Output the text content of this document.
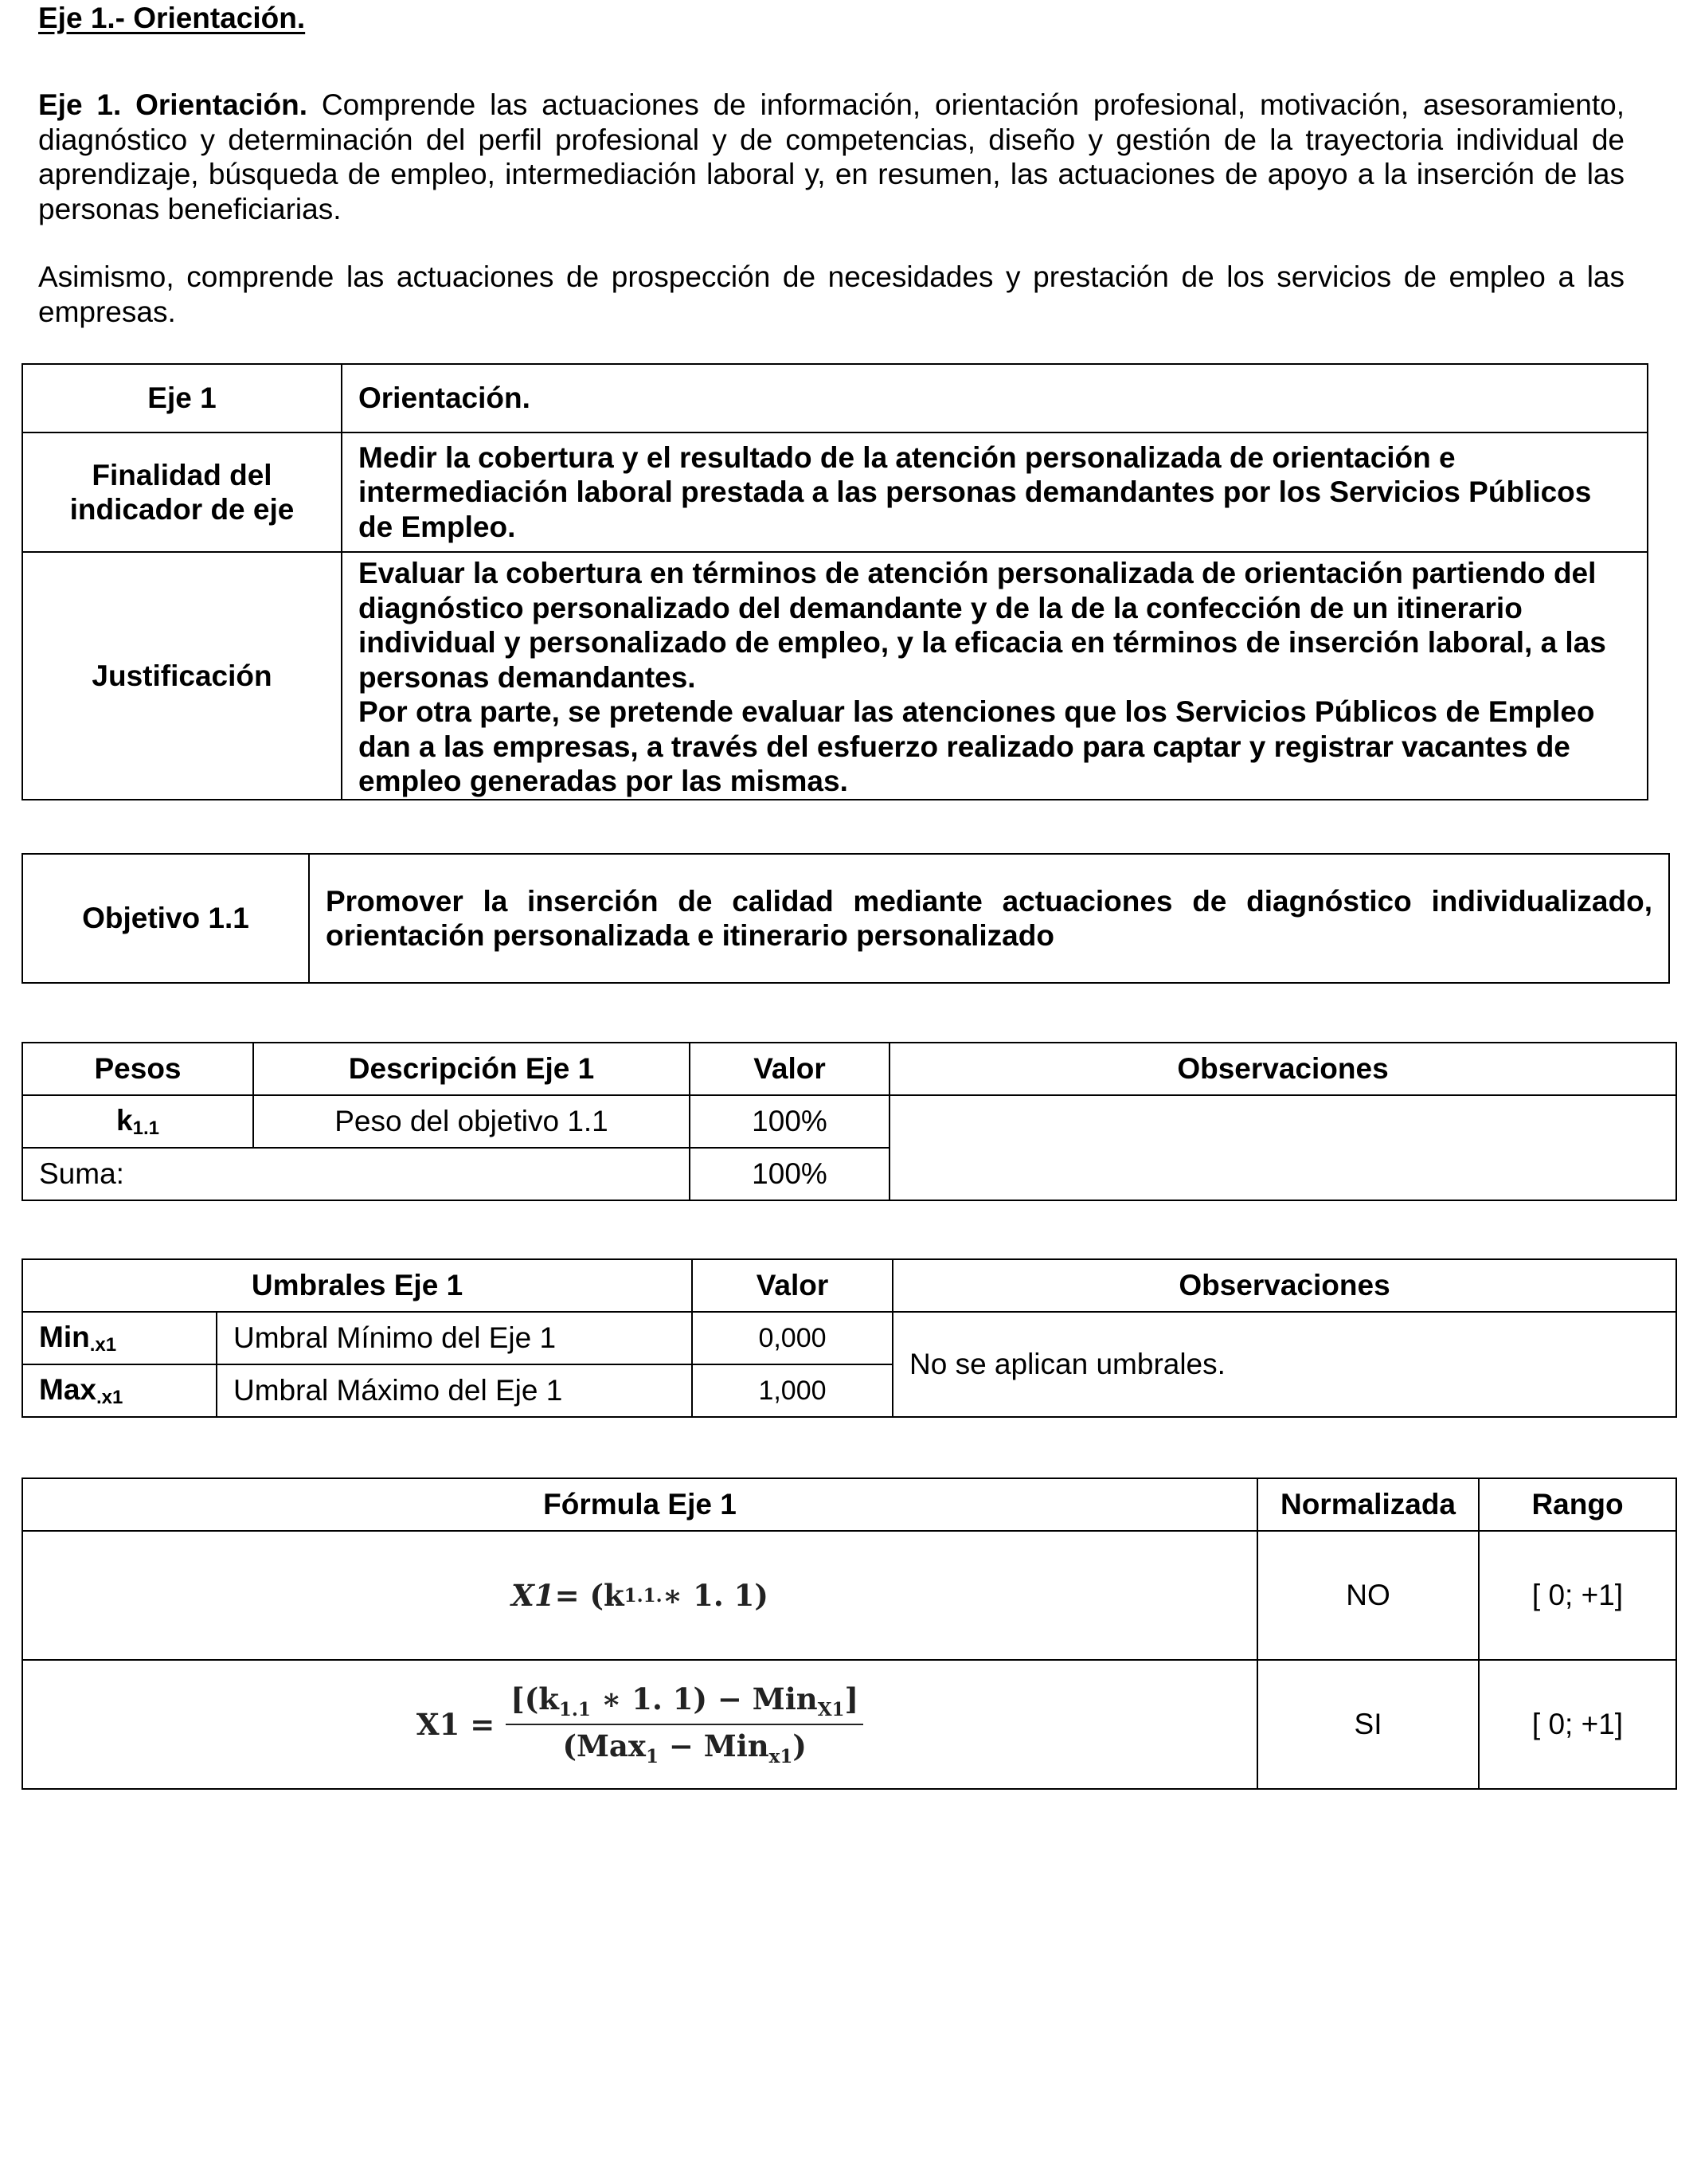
Eje 1.- Orientación.
Eje 1. Orientación. Comprende las actuaciones de información, orientación profesional, motivación, asesoramiento, diagnóstico y determinación del perfil profesional y de competencias, diseño y gestión de la trayectoria individual de aprendizaje, búsqueda de empleo, intermediación laboral y, en resumen, las actuaciones de apoyo a la inserción de las personas beneficiarias.
Asimismo, comprende las actuaciones de prospección de necesidades y prestación de los servicios de empleo a las empresas.
Eje 1	Orientación.
Finalidad del indicador de eje	Medir la cobertura y el resultado de la atención personalizada de orientación e intermediación laboral prestada a las personas demandantes por los Servicios Públicos de Empleo.
Justificación	Evaluar la cobertura en términos de atención personalizada de orientación partiendo del diagnóstico personalizado del demandante y de la de la confección de un itinerario individual y personalizado de empleo, y la eficacia en términos de inserción laboral, a las personas demandantes.
Por otra parte, se pretende evaluar las atenciones que los Servicios Públicos de Empleo dan a las empresas, a través del esfuerzo realizado para captar y registrar vacantes de empleo generadas por las mismas.
Objetivo 1.1	Promover la inserción de calidad mediante actuaciones de diagnóstico individualizado, orientación personalizada e itinerario personalizado
Pesos	Descripción Eje 1	Valor	Observaciones
$k_{1.1}$	Peso del objetivo 1.1	100%	
Suma:		100%	
Umbrales Eje 1		Valor	Observaciones
Min$_{.x1}$	Umbral Mínimo del Eje 1	0,000	No se aplican umbrales.
Max$_{.x1}$	Umbral Máximo del Eje 1	1,000	
Fórmula Eje 1	Normalizada	Rango

X1 = (k 1.1. ∗ 1. 1)	NO	[ 0; +1]

$X1 = \frac{[(k_{1.1} ∗ 1. 1) - Min_{X1}]}{(Max_1 - Min_{x1})}$	SI	[ 0; +1]
